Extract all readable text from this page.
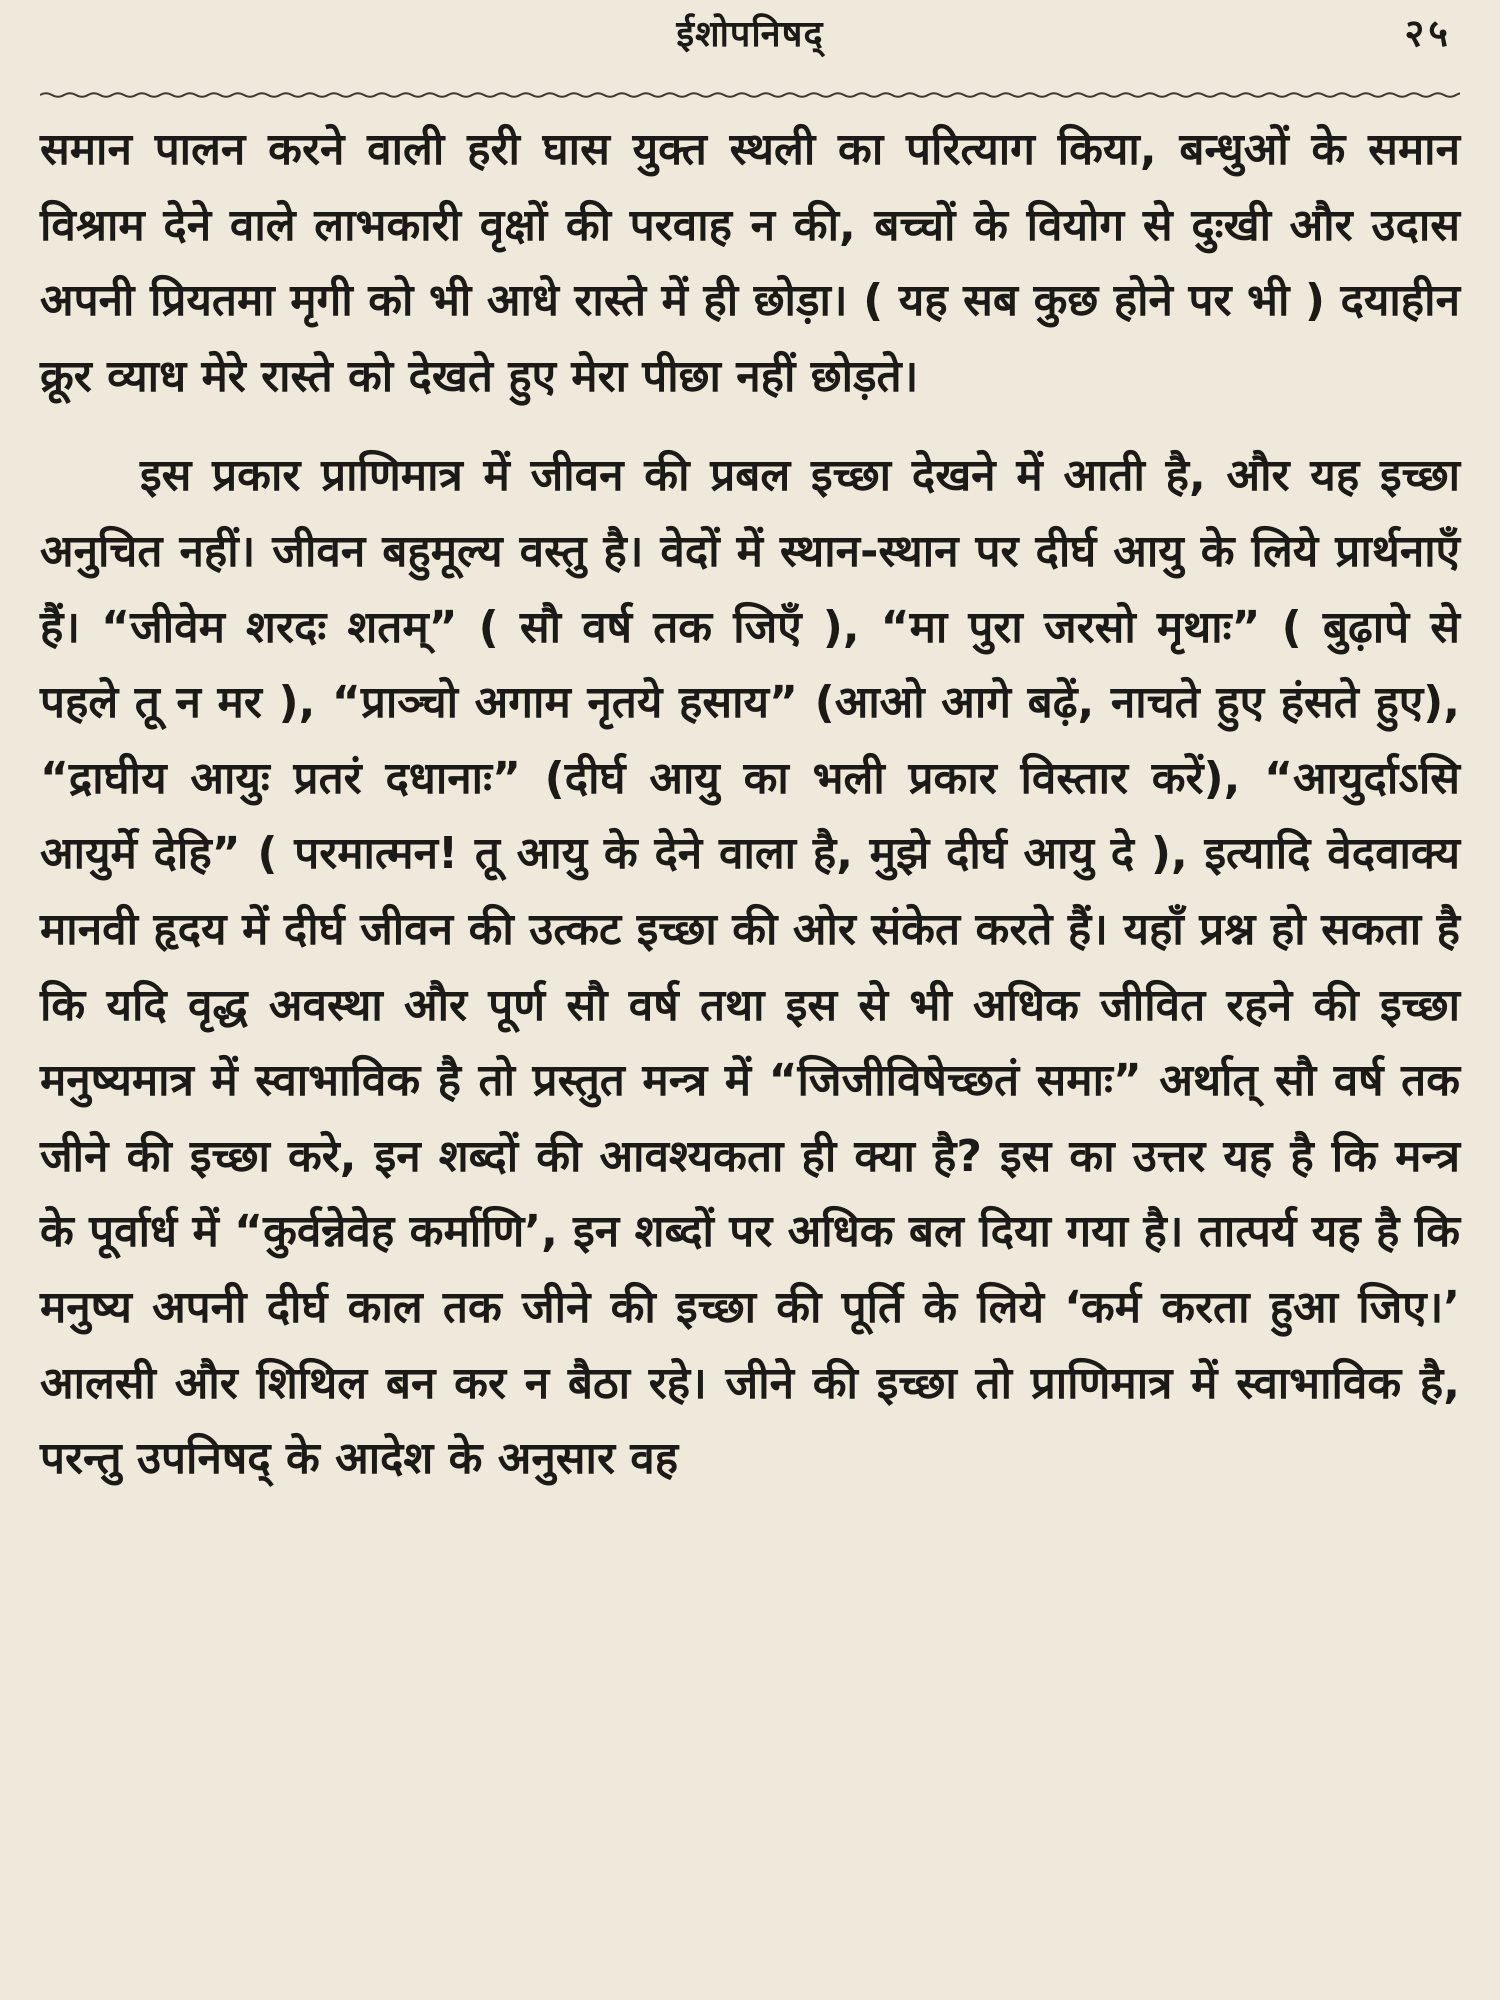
ईशोपनिषद्	२५

समान पालन करने वाली हरी घास युक्त स्थली का परित्याग किया, बन्धुओं के समान विश्राम देने वाले लाभकारी वृक्षों की परवाह न की, बच्चों के वियोग से दुःखी और उदास अपनी प्रियतमा मृगी को भी आधे रास्ते में ही छोड़ा। ( यह सब कुछ होने पर भी ) दयाहीन क्रूर व्याध मेरे रास्ते को देखते हुए मेरा पीछा नहीं छोड़ते।

इस प्रकार प्राणिमात्र में जीवन की प्रबल इच्छा देखने में आती है, और यह इच्छा अनुचित नहीं। जीवन बहुमूल्य वस्तु है। वेदों में स्थान-स्थान पर दीर्घ आयु के लिये प्रार्थनाएँ हैं। “जीवेम शरदः शतम्” ( सौ वर्ष तक जिएँ ), “मा पुरा जरसो मृथाः” ( बुढ़ापे से पहले तू न मर ), “प्राञ्चो अगाम नृतये हसाय” (आओ आगे बढ़ें, नाचते हुए हंसते हुए), “द्राघीय आयुः प्रतरं दधानाः” (दीर्घ आयु का भली प्रकार विस्तार करें), “आयुर्दाऽसि आयुर्मे देहि” ( परमात्मन! तू आयु के देने वाला है, मुझे दीर्घ आयु दे ), इत्यादि वेदवाक्य मानवी हृदय में दीर्घ जीवन की उत्कट इच्छा की ओर संकेत करते हैं। यहाँ प्रश्न हो सकता है कि यदि वृद्ध अवस्था और पूर्ण सौ वर्ष तथा इस से भी अधिक जीवित रहने की इच्छा मनुष्यमात्र में स्वाभाविक है तो प्रस्तुत मन्त्र में “जिजीविषेच्छतं समाः” अर्थात् सौ वर्ष तक जीने की इच्छा करे, इन शब्दों की आवश्यकता ही क्या है? इस का उत्तर यह है कि मन्त्र के पूर्वार्ध में “कुर्वन्नेवेह कर्माणि’, इन शब्दों पर अधिक बल दिया गया है। तात्पर्य यह है कि मनुष्य अपनी दीर्घ काल तक जीने की इच्छा की पूर्ति के लिये ‘कर्म करता हुआ जिए।’ आलसी और शिथिल बन कर न बैठा रहे। जीने की इच्छा तो प्राणिमात्र में स्वाभाविक है, परन्तु उपनिषद् के आदेश के अनुसार वह
